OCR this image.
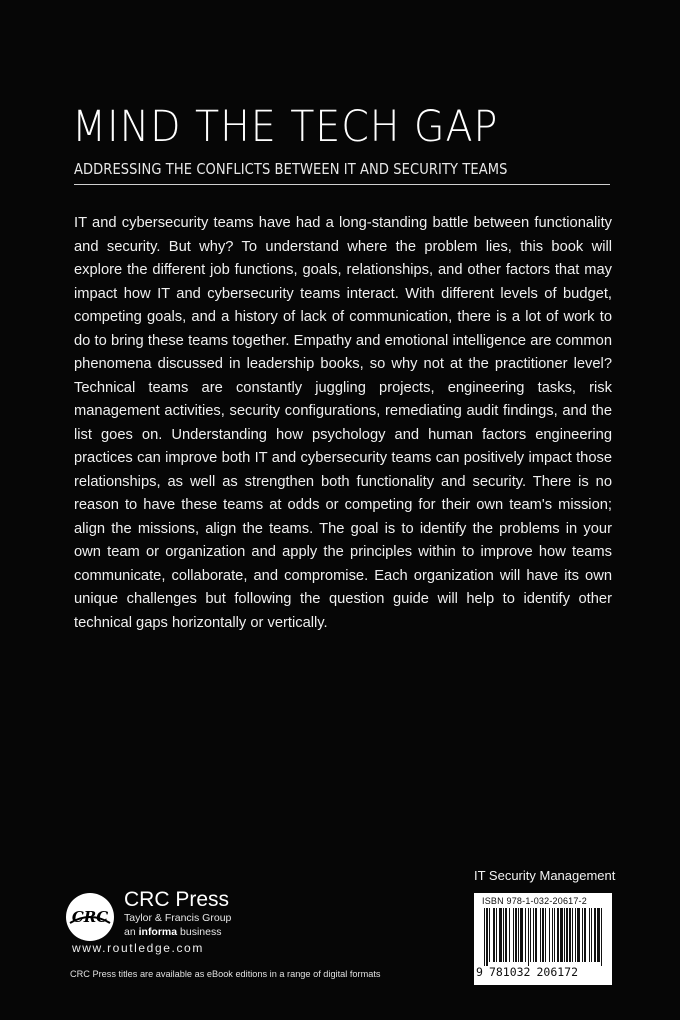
MIND THE TECH GAP
ADDRESSING THE CONFLICTS BETWEEN IT AND SECURITY TEAMS

IT and cybersecurity teams have had a long-standing battle between functionality and security. But why? To understand where the problem lies, this book will explore the different job functions, goals, relationships, and other factors that may impact how IT and cybersecurity teams interact. With different levels of budget, competing goals, and a history of lack of communication, there is a lot of work to do to bring these teams together. Empathy and emotional intelligence are common phenomena discussed in leadership books, so why not at the practitioner level? Technical teams are constantly juggling projects, engineering tasks, risk management activities, security configurations, remediating audit findings, and the list goes on. Understanding how psychology and human factors engineering practices can improve both IT and cybersecurity teams can positively impact those relationships, as well as strengthen both functionality and security. There is no reason to have these teams at odds or competing for their own team's mission; align the missions, align the teams. The goal is to identify the problems in your own team or organization and apply the principles within to improve how teams communicate, collaborate, and compromise. Each organization will have its own unique challenges but following the question guide will help to identify other technical gaps horizontally or vertically.

IT Security Management
CRC
CRC Press
Taylor & Francis Group
an informa business
www.routledge.com
CRC Press titles are available as eBook editions in a range of digital formats
ISBN 978-1-032-20617-2
9 781032 206172
